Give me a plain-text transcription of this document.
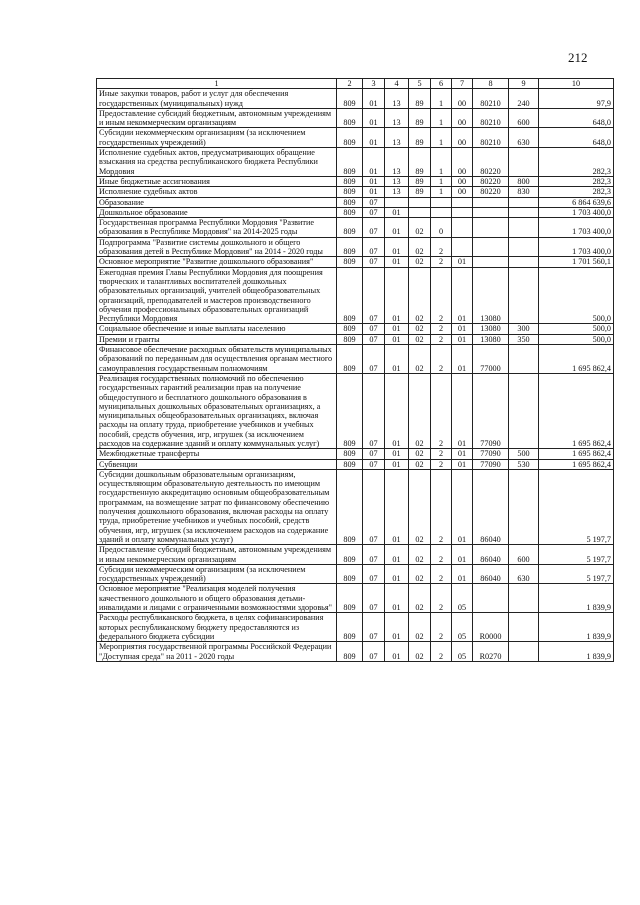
212
1	2	3	4	5	6	7	8	9	10
Иные закупки товаров, работ и услуг для обеспечения государственных (муниципальных) нужд	809	01	13	89	1	00	80210	240	97,9
Предоставление субсидий бюджетным, автономным учреждениям и иным некоммерческим организациям	809	01	13	89	1	00	80210	600	648,0
Субсидии некоммерческим организациям (за исключением государственных учреждений)	809	01	13	89	1	00	80210	630	648,0
Исполнение судебных актов, предусматривающих обращение взыскания на средства республиканского бюджета Республики Мордовия	809	01	13	89	1	00	80220		282,3
Иные бюджетные ассигнования	809	01	13	89	1	00	80220	800	282,3
Исполнение судебных актов	809	01	13	89	1	00	80220	830	282,3
Образование	809	07							6 864 639,6
Дошкольное образование	809	07	01						1 703 400,0
Государственная программа Республики Мордовия "Развитие образования в Республике Мордовия" на 2014-2025 годы	809	07	01	02	0				1 703 400,0
Подпрограмма "Развитие системы дошкольного и общего образования детей в Республике Мордовия" на 2014 - 2020 годы	809	07	01	02	2				1 703 400,0
Основное мероприятие "Развитие дошкольного образования"	809	07	01	02	2	01			1 701 560,1
Ежегодная премия Главы Республики Мордовия для поощрения творческих и талантливых воспитателей дошкольных образовательных организаций, учителей общеобразовательных организаций, преподавателей и мастеров производственного обучения профессиональных образовательных организаций Республики Мордовия	809	07	01	02	2	01	13080		500,0
Социальное обеспечение и иные выплаты населению	809	07	01	02	2	01	13080	300	500,0
Премии и гранты	809	07	01	02	2	01	13080	350	500,0
Финансовое обеспечение расходных обязательств муниципальных образований по переданным для осуществления органам местного самоуправления государственным полномочиям	809	07	01	02	2	01	77000		1 695 862,4
Реализация государственных полномочий по обеспечению государственных гарантий реализации прав на получение общедоступного и бесплатного дошкольного образования в муниципальных дошкольных образовательных организациях, а муниципальных общеобразовательных организациях, включая расходы на оплату труда, приобретение учебников и учебных пособий, средств обучения, игр, игрушек (за исключением расходов на содержание зданий и оплату коммунальных услуг)	809	07	01	02	2	01	77090		1 695 862,4
Межбюджетные трансферты	809	07	01	02	2	01	77090	500	1 695 862,4
Субвенции	809	07	01	02	2	01	77090	530	1 695 862,4
Субсидии дошкольным образовательным организациям, осуществляющим образовательную деятельность по имеющим государственную аккредитацию основным общеобразовательным программам, на возмещение затрат по финансовому обеспечению получения дошкольного образования, включая расходы на оплату труда, приобретение учебников и учебных пособий, средств обучения, игр, игрушек (за исключением расходов на содержание зданий и оплату коммунальных услуг)	809	07	01	02	2	01	86040		5 197,7
Предоставление субсидий бюджетным, автономным учреждениям и иным некоммерческим организациям	809	07	01	02	2	01	86040	600	5 197,7
Субсидии некоммерческим организациям (за исключением государственных учреждений)	809	07	01	02	2	01	86040	630	5 197,7
Основное мероприятие "Реализация моделей получения качественного дошкольного и общего образования детьми-инвалидами и лицами с ограниченными возможностями здоровья"	809	07	01	02	2	05			1 839,9
Расходы республиканского бюджета, в целях софинансирования которых республиканскому бюджету предоставляются из федерального бюджета субсидии	809	07	01	02	2	05	R0000		1 839,9
Мероприятия государственной программы Российской Федерации "Доступная среда" на 2011 - 2020 годы	809	07	01	02	2	05	R0270		1 839,9
